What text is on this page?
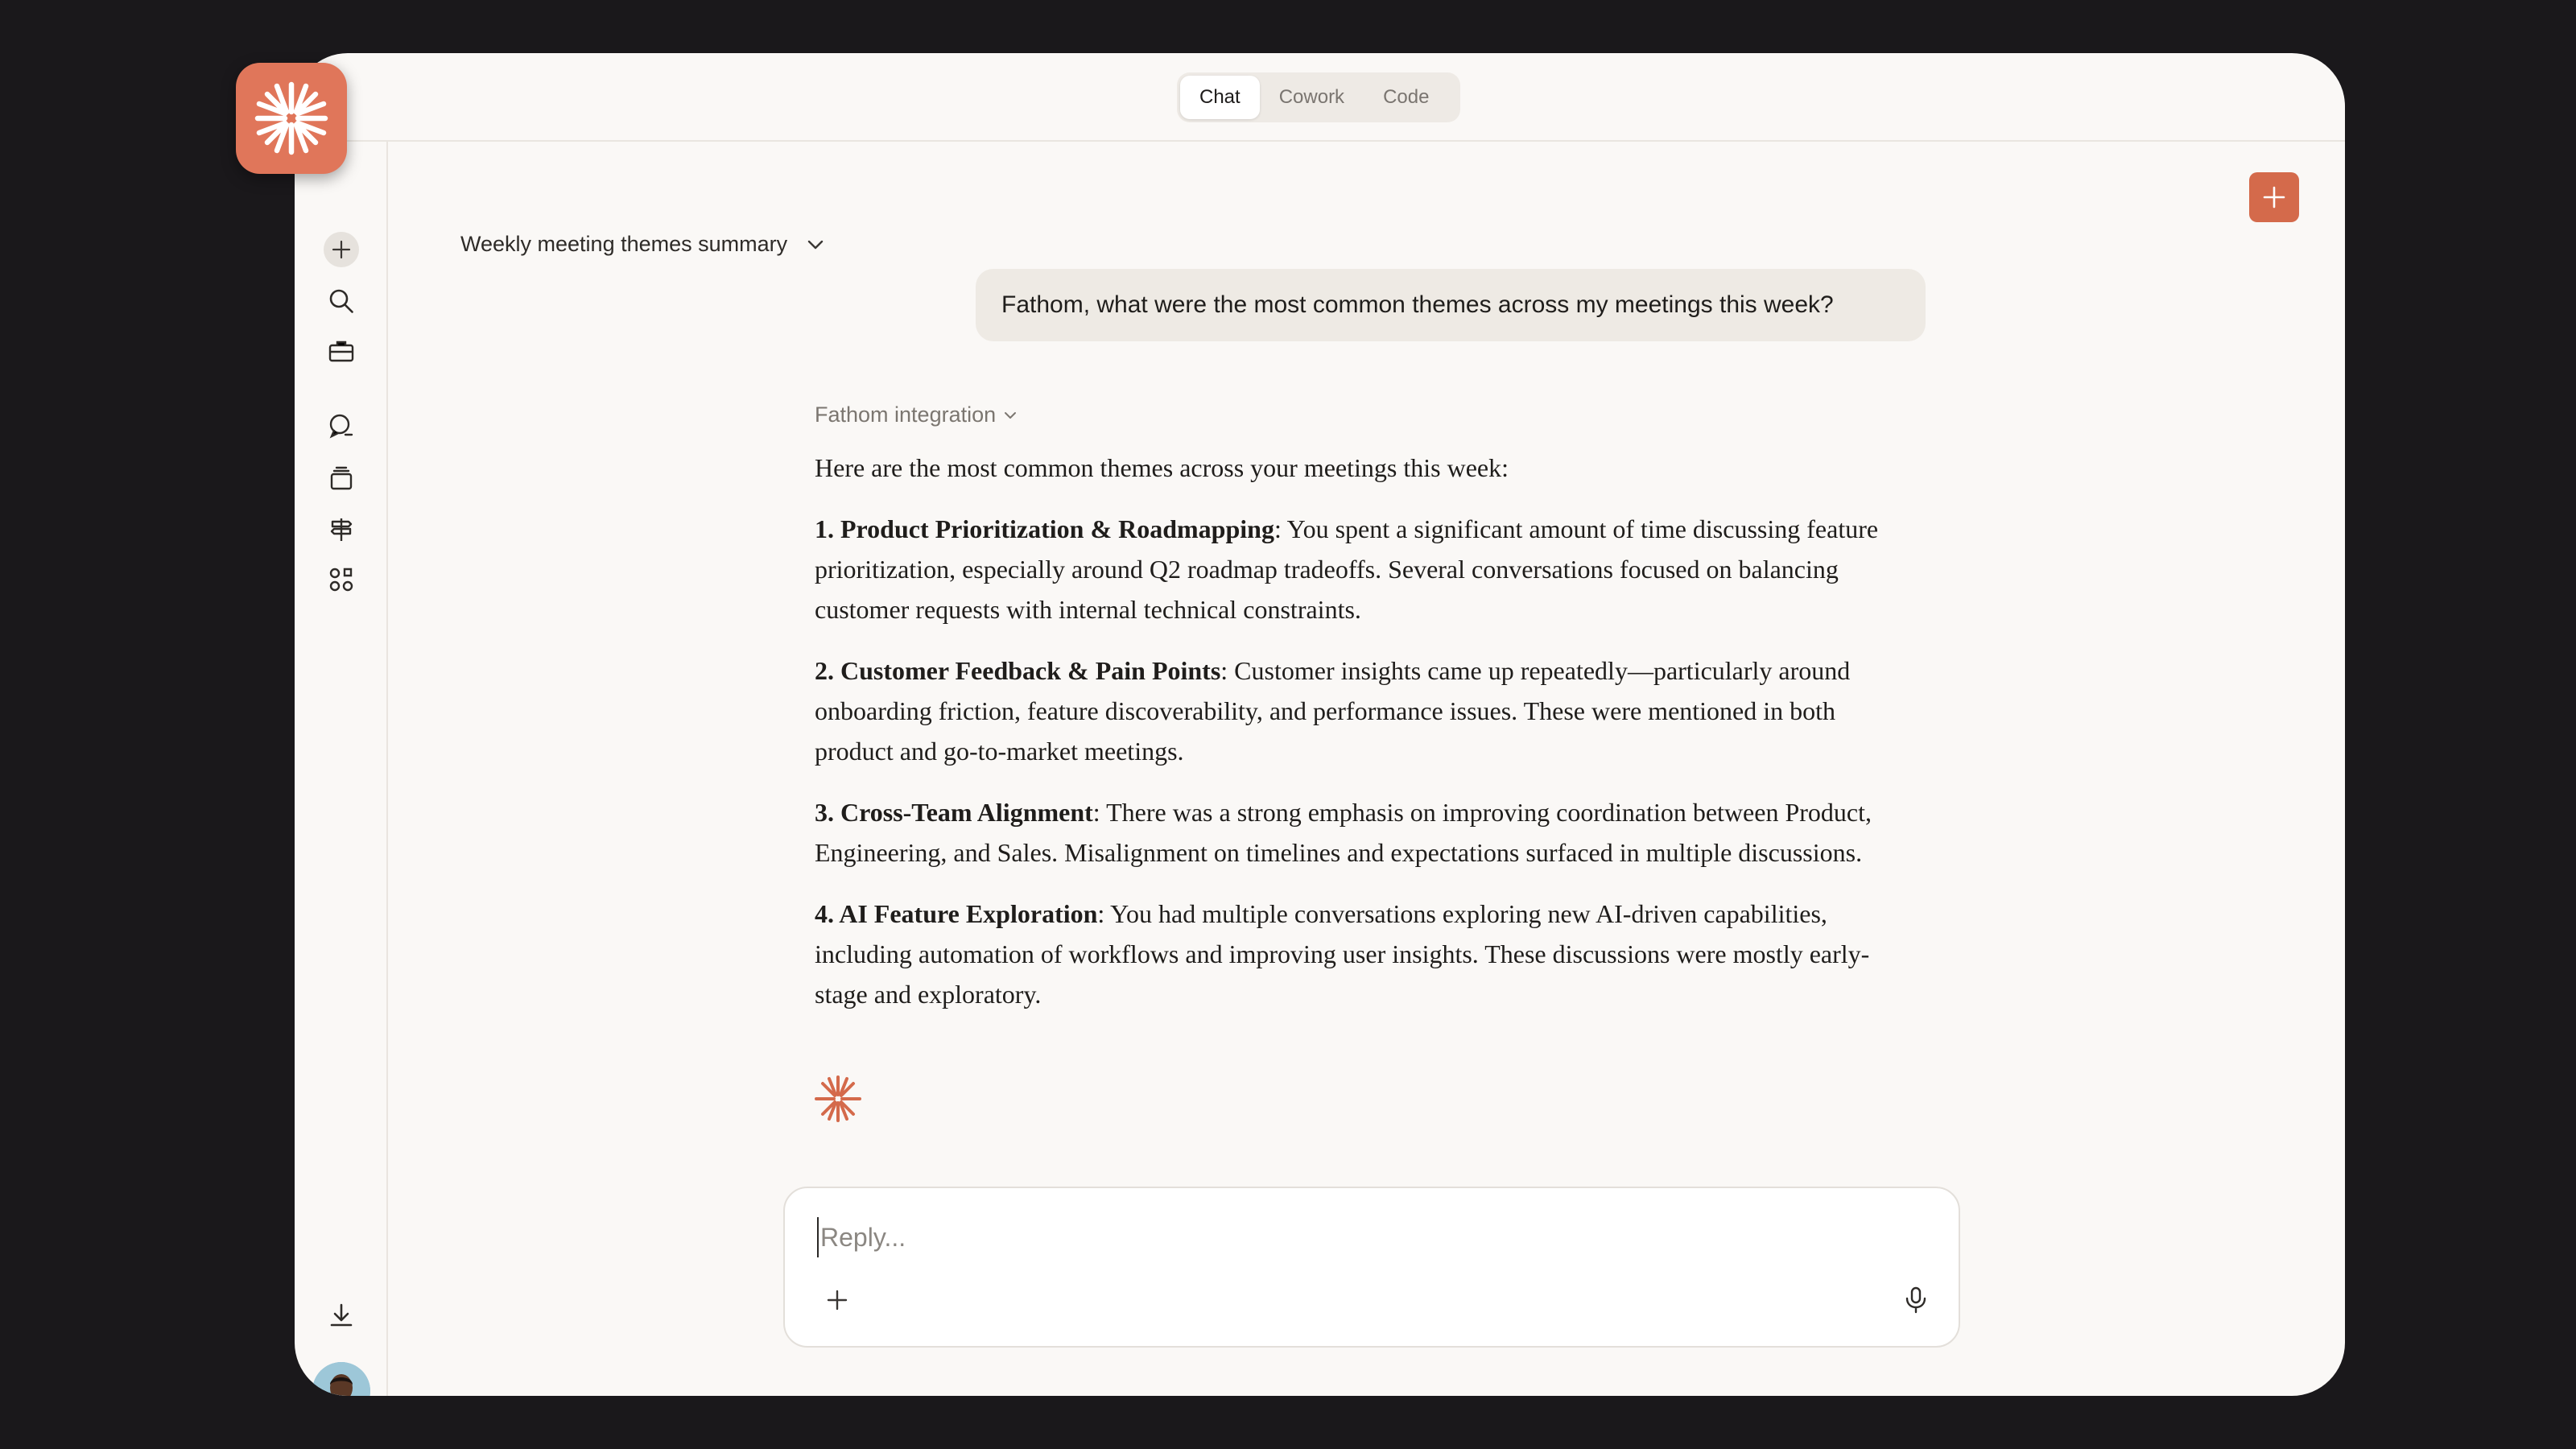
Chat	Cowork	Code
Weekly meeting themes summary
Fathom, what were the most common themes across my meetings this week?
Fathom integration

Here are the most common themes across your meetings this week:

1. Product Prioritization & Roadmapping: You spent a significant amount of time discussing feature prioritization, especially around Q2 roadmap tradeoffs. Several conversations focused on balancing customer requests with internal technical constraints.

2. Customer Feedback & Pain Points: Customer insights came up repeatedly—particularly around onboarding friction, feature discoverability, and performance issues. These were mentioned in both product and go-to-market meetings.

3. Cross-Team Alignment: There was a strong emphasis on improving coordination between Product, Engineering, and Sales. Misalignment on timelines and expectations surfaced in multiple discussions.

4. AI Feature Exploration: You had multiple conversations exploring new AI-driven capabilities, including automation of workflows and improving user insights. These discussions were mostly early-stage and exploratory.

Reply...
